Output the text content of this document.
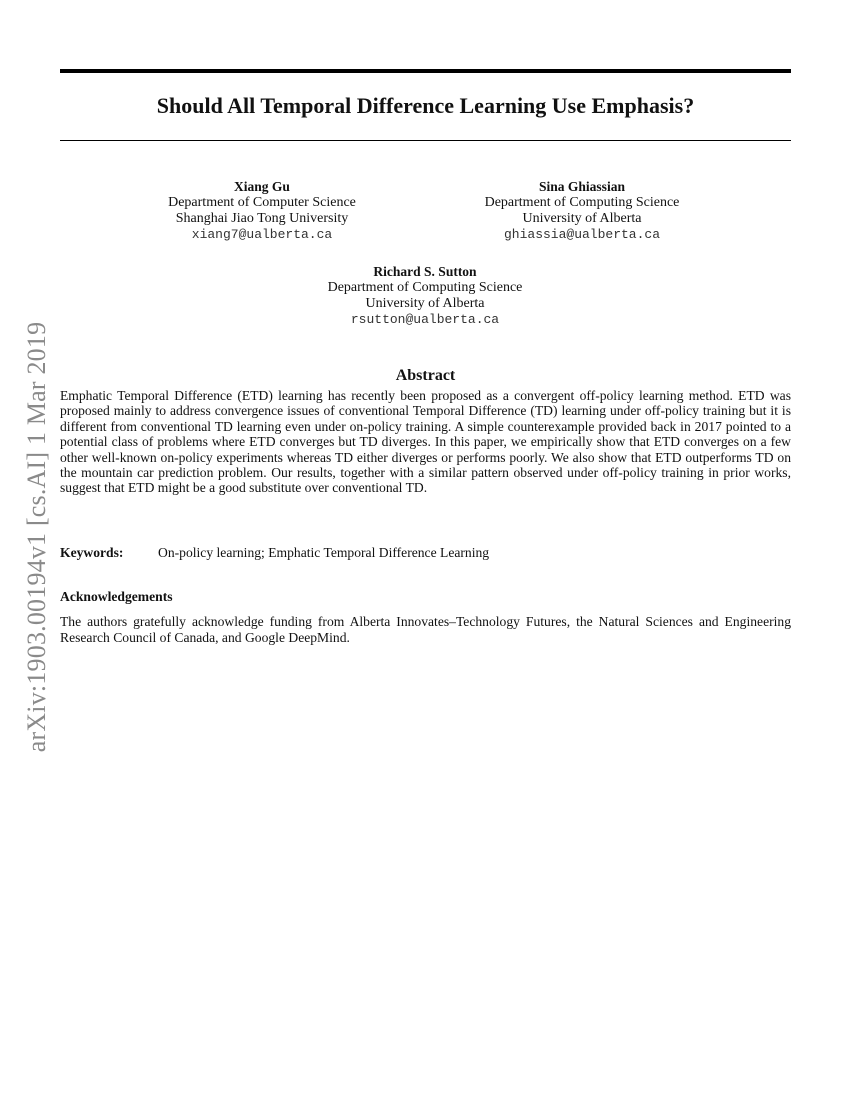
arXiv:1903.00194v1 [cs.AI] 1 Mar 2019
Should All Temporal Difference Learning Use Emphasis?
Xiang Gu
Department of Computer Science
Shanghai Jiao Tong University
xiang7@ualberta.ca
Sina Ghiassian
Department of Computing Science
University of Alberta
ghiassia@ualberta.ca
Richard S. Sutton
Department of Computing Science
University of Alberta
rsutton@ualberta.ca
Abstract

Emphatic Temporal Difference (ETD) learning has recently been proposed as a convergent off-policy learning method. ETD was proposed mainly to address convergence issues of conventional Temporal Difference (TD) learning under off-policy training but it is different from conventional TD learning even under on-policy training. A simple counterexample provided back in 2017 pointed to a potential class of problems where ETD converges but TD diverges. In this paper, we empirically show that ETD converges on a few other well-known on-policy experiments whereas TD either diverges or performs poorly. We also show that ETD outperforms TD on the mountain car prediction problem. Our results, together with a similar pattern observed under off-policy training in prior works, suggest that ETD might be a good substitute over conventional TD.

Keywords:	On-policy learning; Emphatic Temporal Difference Learning
Acknowledgements

The authors gratefully acknowledge funding from Alberta Innovates–Technology Futures, the Natural Sciences and Engineering Research Council of Canada, and Google DeepMind.
